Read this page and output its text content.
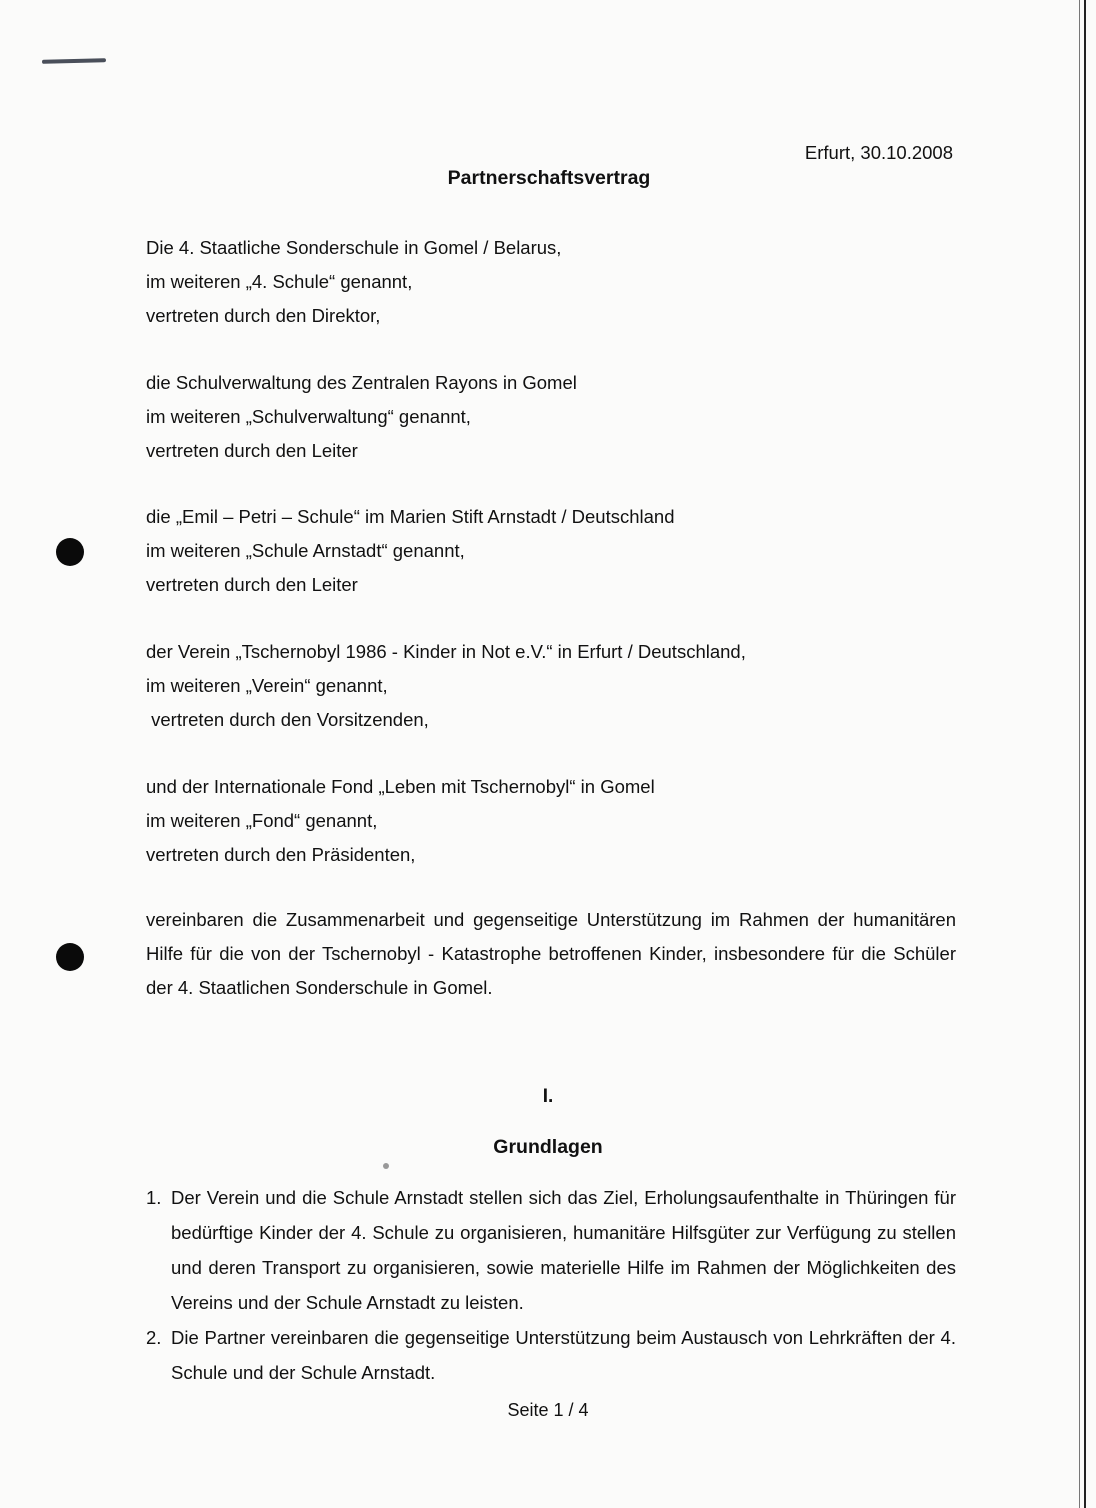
Erfurt, 30.10.2008
Partnerschaftsvertrag
Die 4. Staatliche Sonderschule in Gomel / Belarus,
im weiteren „4. Schule“ genannt,
vertreten durch den Direktor,
die Schulverwaltung des Zentralen Rayons in Gomel
im weiteren „Schulverwaltung“ genannt,
vertreten durch den Leiter
die „Emil – Petri – Schule“ im Marien Stift Arnstadt / Deutschland
im weiteren „Schule Arnstadt“ genannt,
vertreten durch den Leiter
der Verein „Tschernobyl 1986 - Kinder in Not e.V.“ in Erfurt / Deutschland,
im weiteren „Verein“ genannt,
vertreten durch den Vorsitzenden,
und der Internationale Fond „Leben mit Tschernobyl“ in Gomel
im weiteren „Fond“ genannt,
vertreten durch den Präsidenten,
vereinbaren die Zusammenarbeit und gegenseitige Unterstützung im Rahmen der humanitären Hilfe für die von der Tschernobyl - Katastrophe betroffenen Kinder, insbesondere für die Schüler der 4. Staatlichen Sonderschule in Gomel.
I.
Grundlagen
1. Der Verein und die Schule Arnstadt stellen sich das Ziel, Erholungsaufenthalte in Thüringen für bedürftige Kinder der 4. Schule zu organisieren, humanitäre Hilfsgüter zur Verfügung zu stellen und deren Transport zu organisieren, sowie materielle Hilfe im Rahmen der Möglichkeiten des Vereins und der Schule Arnstadt zu leisten.
2. Die Partner vereinbaren die gegenseitige Unterstützung beim Austausch von Lehrkräften der 4. Schule und der Schule Arnstadt.
Seite 1 / 4
